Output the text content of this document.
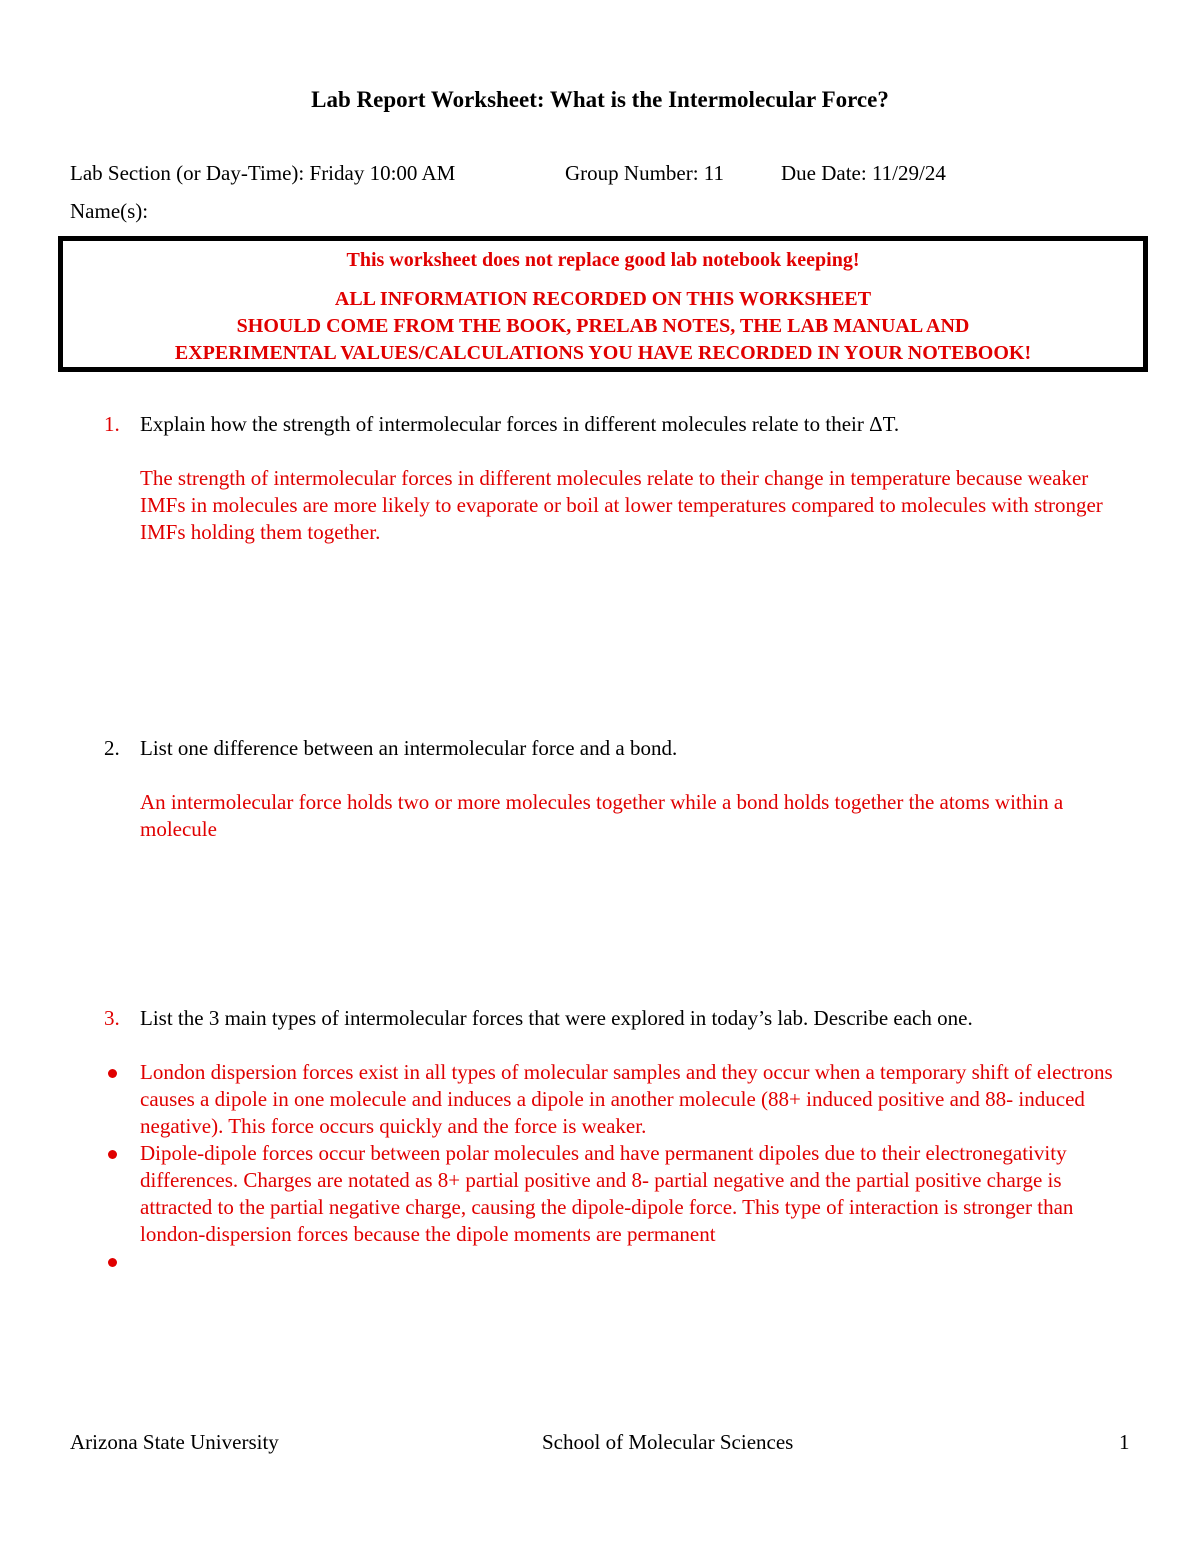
Lab Report Worksheet: What is the Intermolecular Force?
Lab Section (or Day-Time): Friday 10:00 AM	Group Number: 11	Due Date: 11/29/24
Name(s):
This worksheet does not replace good lab notebook keeping!
ALL INFORMATION RECORDED ON THIS WORKSHEET
SHOULD COME FROM THE BOOK, PRELAB NOTES, THE LAB MANUAL AND
EXPERIMENTAL VALUES/CALCULATIONS YOU HAVE RECORDED IN YOUR NOTEBOOK!
1. Explain how the strength of intermolecular forces in different molecules relate to their ΔT.
The strength of intermolecular forces in different molecules relate to their change in temperature because weaker IMFs in molecules are more likely to evaporate or boil at lower temperatures compared to molecules with stronger IMFs holding them together.
2. List one difference between an intermolecular force and a bond.
An intermolecular force holds two or more molecules together while a bond holds together the atoms within a molecule
3. List the 3 main types of intermolecular forces that were explored in today’s lab. Describe each one.
London dispersion forces exist in all types of molecular samples and they occur when a temporary shift of electrons causes a dipole in one molecule and induces a dipole in another molecule (88+ induced positive and 88- induced negative). This force occurs quickly and the force is weaker.
Dipole-dipole forces occur between polar molecules and have permanent dipoles due to their electronegativity differences. Charges are notated as 8+ partial positive and 8- partial negative and the partial positive charge is attracted to the partial negative charge, causing the dipole-dipole force. This type of interaction is stronger than london-dispersion forces because the dipole moments are permanent
Arizona State University	School of Molecular Sciences	1
